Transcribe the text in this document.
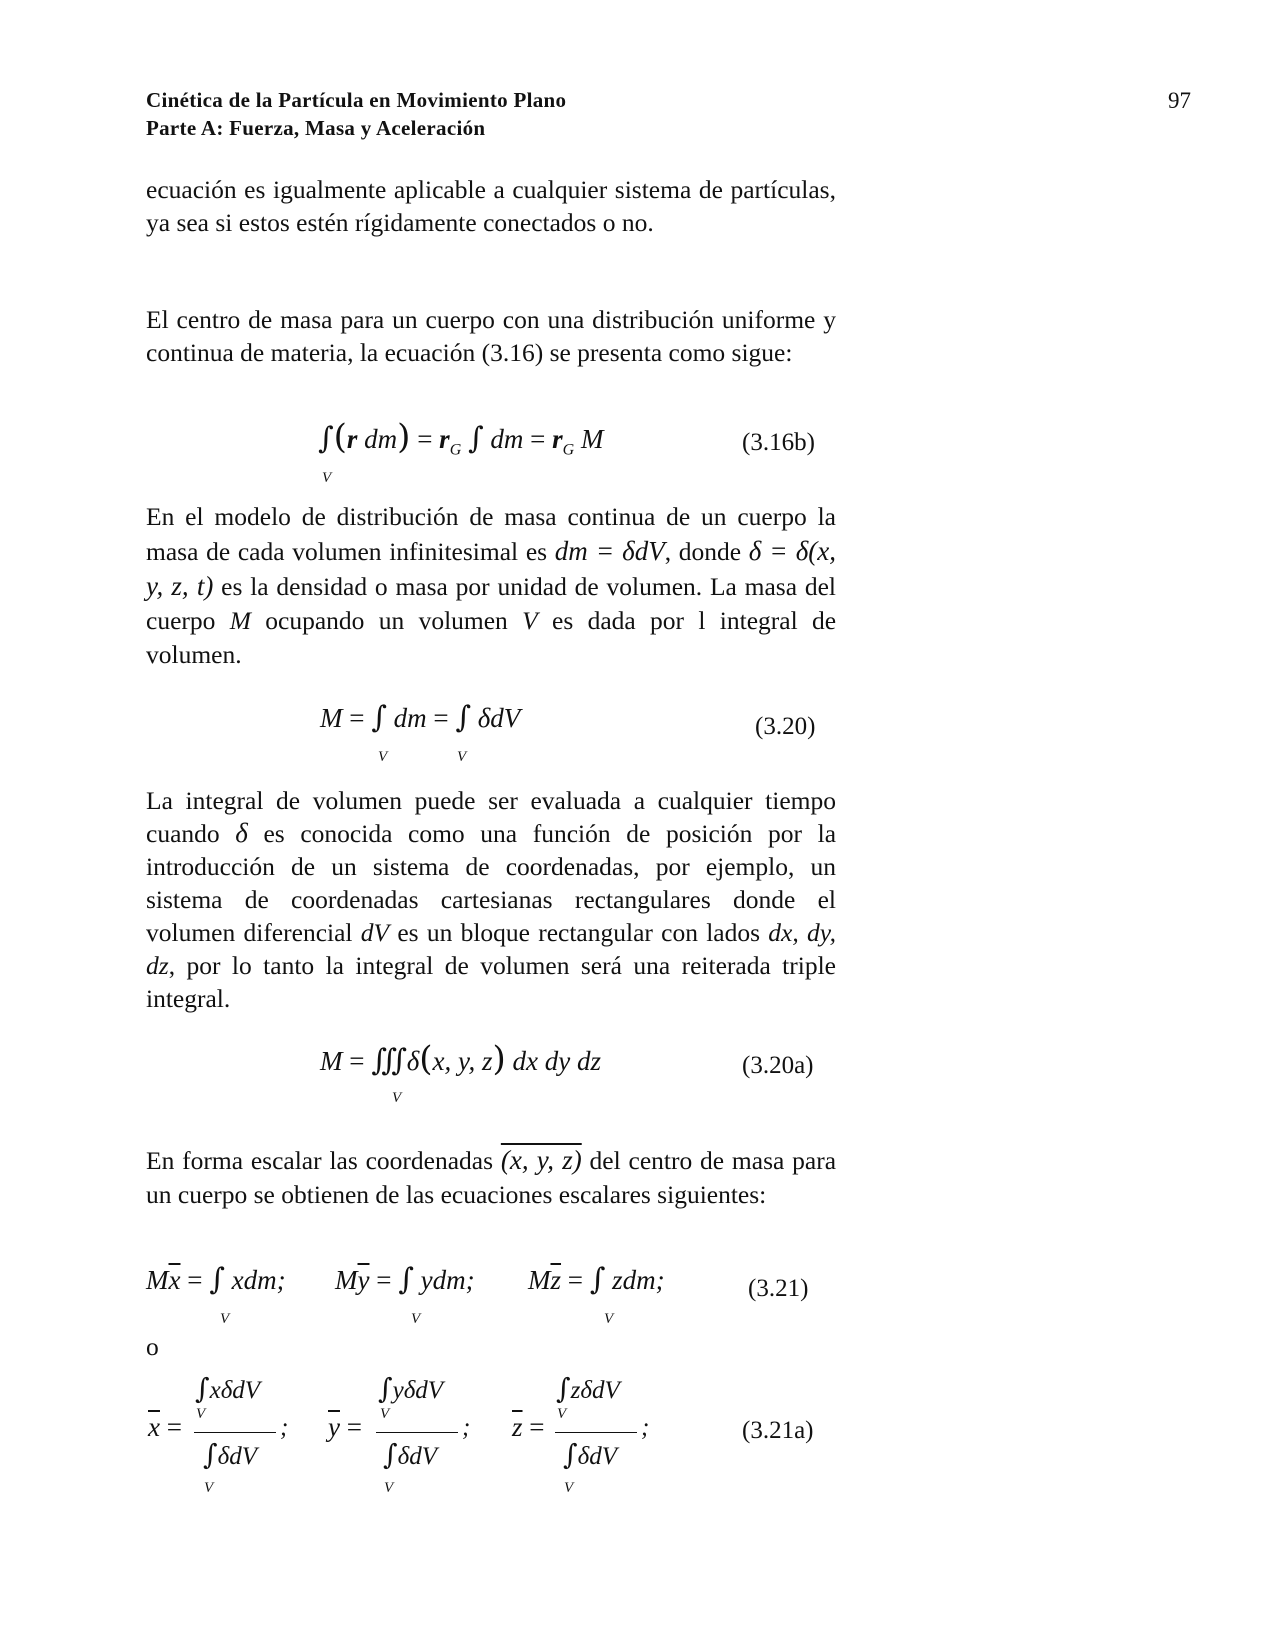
Cinética de la Partícula en Movimiento Plano
Parte A: Fuerza, Masa y Aceleración
97
ecuación es igualmente aplicable a cualquier sistema de partículas, ya sea si estos estén rígidamente conectados o no.
El centro de masa para un cuerpo con una distribución uniforme y continua de materia, la ecuación (3.16) se presenta como sigue:
∫(r $dm) = r_G$ ∫ dm = $r_G$ M
V
(3.16b)
En el modelo de distribución de masa continua de un cuerpo la masa de cada volumen infinitesimal es dm = δdV, donde δ = δ(x, y, z, t) es la densidad o masa por unidad de volumen. La masa del cuerpo M ocupando un volumen V es dada por l integral de volumen.
M = ∫ dm = ∫ δdV
V	V
(3.20)
La integral de volumen puede ser evaluada a cualquier tiempo cuando δ es conocida como una función de posición por la introducción de un sistema de coordenadas, por ejemplo, un sistema de coordenadas cartesianas rectangulares donde el volumen diferencial dV es un bloque rectangular con lados dx, dy, dz, por lo tanto la integral de volumen será una reiterada triple integral.
M = ∭δ(x, y, z) dx dy dz
V
(3.20a)
En forma escalar las coordenadas (x, y, z) del centro de masa para un cuerpo se obtienen de las ecuaciones escalares siguientes:
$M\overline{x}$ = ∫ xdm; $M\overline{y}$ = ∫ ydm; $M\overline{z}$ = ∫ zdm;
V	V	V
(3.21)
o
∫xδdV
V
$\overline{x}$ =
∫δdV
V
;
∫yδdV
V
$\overline{y}$ =
∫δdV
V
;
∫zδdV
V
$\overline{z}$ =
∫δdV
V
;	(3.21a)
